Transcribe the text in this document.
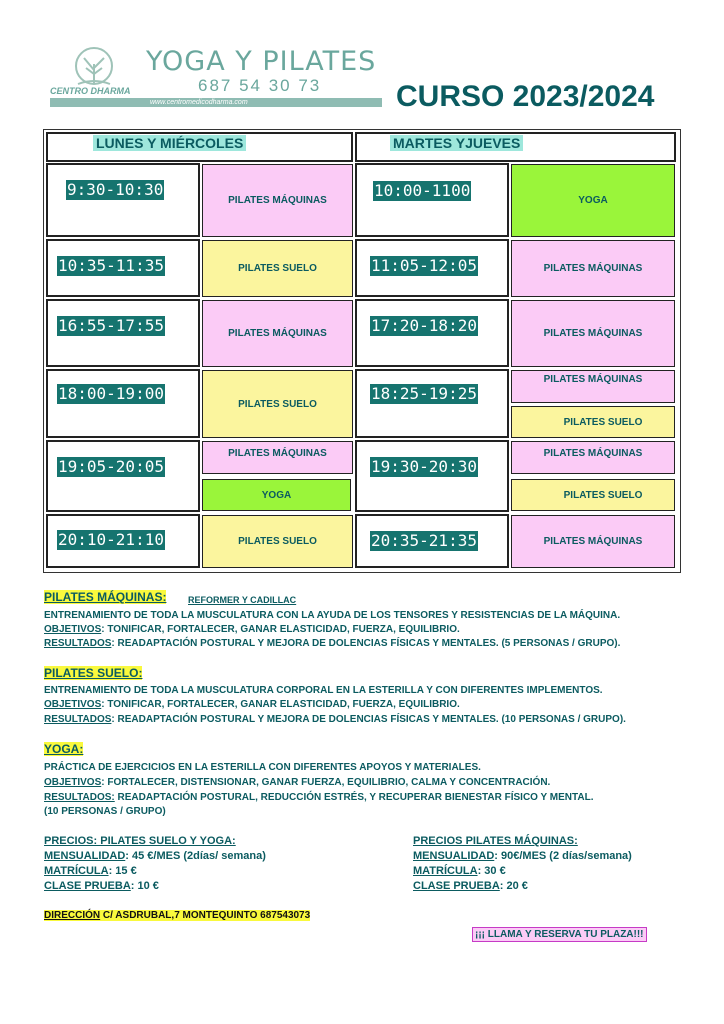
YOGA Y PILATES
687 54 30 73
CENTRO DHARMA
www.centromedicodharma.com	CURSO 2023/2024
LUNES Y MIÉRCOLES	MARTES YJUEVES
9:30-10:30
10:35-11:35
16:55-17:55
18:00-19:00
19:05-20:05
20:10-21:10
PILATES MÁQUINAS
PILATES SUELO
PILATES MÁQUINAS
PILATES SUELO
PILATES MÁQUINAS
YOGA
PILATES SUELO
10:00-1100
11:05-12:05
17:20-18:20
18:25-19:25
19:30-20:30
20:35-21:35
YOGA
PILATES MÁQUINAS
PILATES MÁQUINAS
PILATES MÁQUINAS
PILATES SUELO
PILATES MÁQUINAS
PILATES SUELO
PILATES MÁQUINAS
PILATES MÁQUINAS: REFORMER Y CADILLAC
ENTRENAMIENTO DE TODA LA MUSCULATURA CON LA AYUDA DE LOS TENSORES Y RESISTENCIAS DE LA MÁQUINA.
OBJETIVOS: TONIFICAR, FORTALECER, GANAR ELASTICIDAD, FUERZA, EQUILIBRIO.
RESULTADOS: READAPTACIÓN POSTURAL Y MEJORA DE DOLENCIAS FÍSICAS Y MENTALES. (5 PERSONAS / GRUPO).
PILATES SUELO:
ENTRENAMIENTO DE TODA LA MUSCULATURA CORPORAL EN LA ESTERILLA Y CON DIFERENTES IMPLEMENTOS.
OBJETIVOS: TONIFICAR, FORTALECER, GANAR ELASTICIDAD, FUERZA, EQUILIBRIO.
RESULTADOS: READAPTACIÓN POSTURAL Y MEJORA DE DOLENCIAS FÍSICAS Y MENTALES. (10 PERSONAS / GRUPO).
YOGA:
PRÁCTICA DE EJERCICIOS EN LA ESTERILLA CON DIFERENTES APOYOS Y MATERIALES.
OBJETIVOS: FORTALECER, DISTENSIONAR, GANAR FUERZA, EQUILIBRIO, CALMA Y CONCENTRACIÓN.
RESULTADOS: READAPTACIÓN POSTURAL, REDUCCIÓN ESTRÉS, Y RECUPERAR BIENESTAR FÍSICO Y MENTAL.
(10 PERSONAS / GRUPO)
PRECIOS: PILATES SUELO Y YOGA:
MENSUALIDAD: 45 €/MES (2días/ semana)
MATRÍCULA: 15 €
CLASE PRUEBA: 10 €
PRECIOS PILATES MÁQUINAS:
MENSUALIDAD: 90€/MES (2 días/semana)
MATRÍCULA: 30 €
CLASE PRUEBA: 20 €
DIRECCIÓN C/ ASDRUBAL,7 MONTEQUINTO 687543073
¡¡¡ LLAMA Y RESERVA TU PLAZA!!!
